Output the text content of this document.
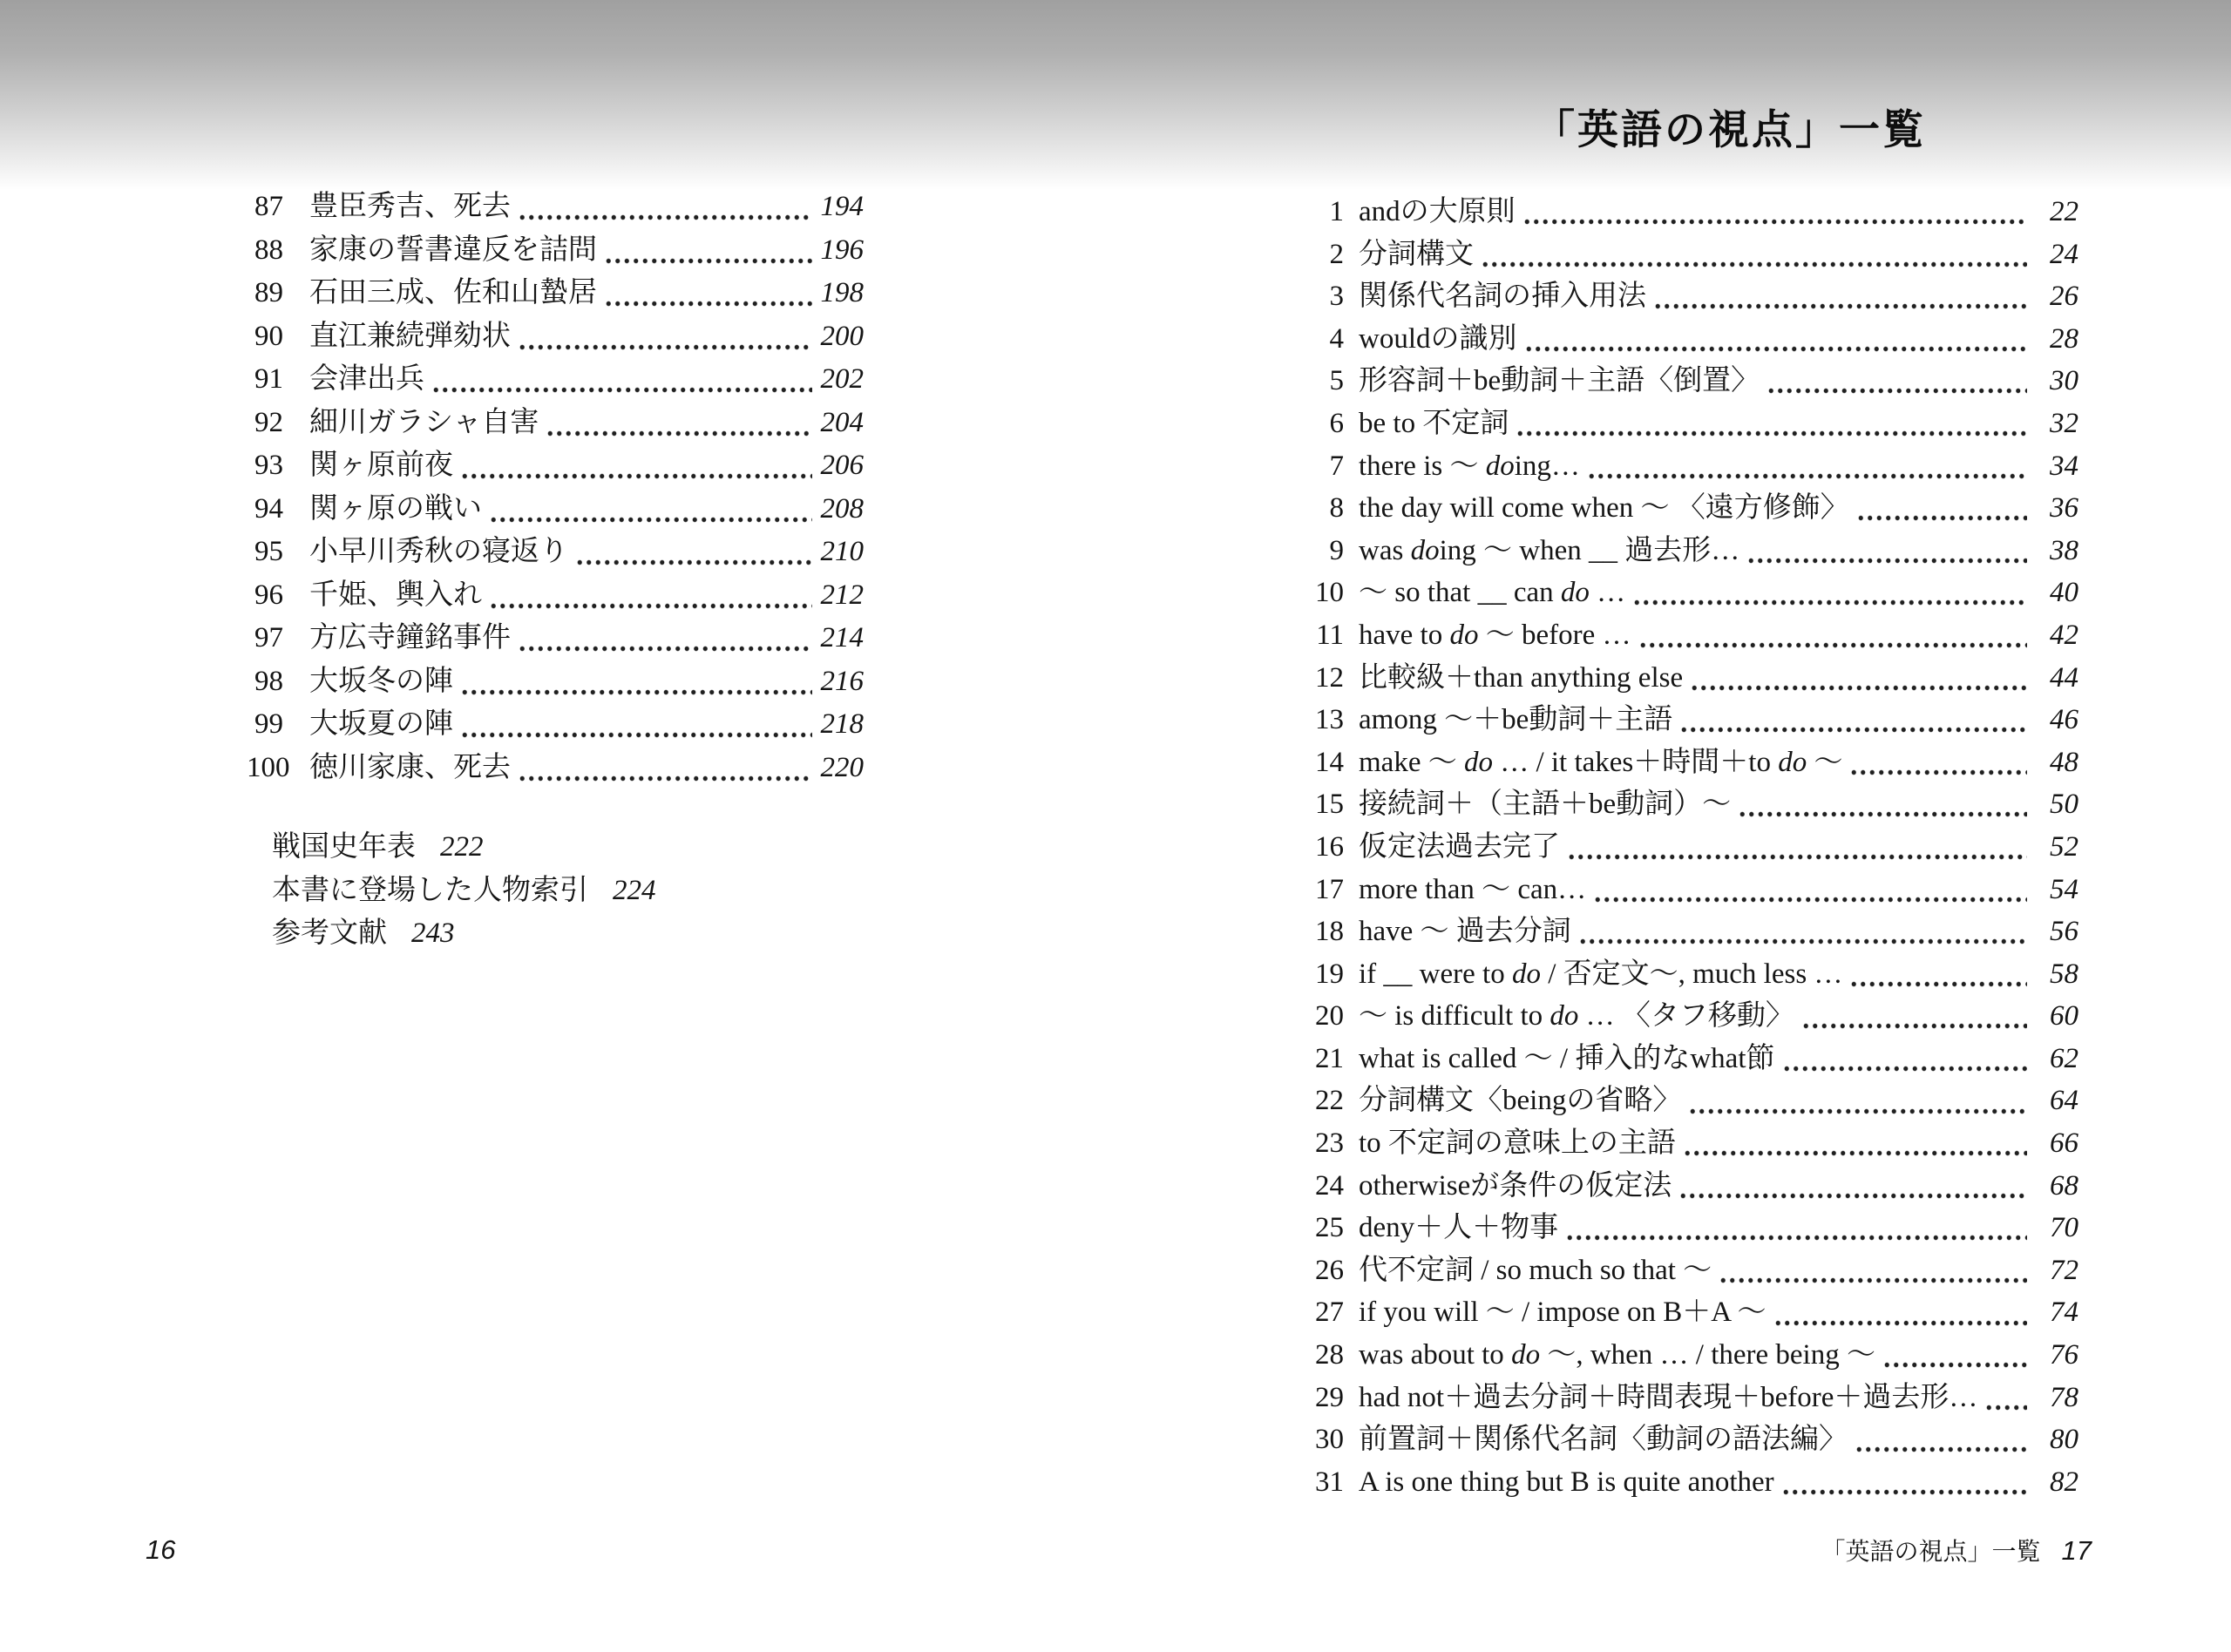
「英語の視点」一覧
87 豊臣秀吉、死去	194
88 家康の誓書違反を詰問	196
89 石田三成、佐和山蟄居	198
90 直江兼続弾劾状	200
91 会津出兵	202
92 細川ガラシャ自害	204
93 関ヶ原前夜	206
94 関ヶ原の戦い	208
95 小早川秀秋の寝返り	210
96 千姫、輿入れ	212
97 方広寺鐘銘事件	214
98 大坂冬の陣	216
99 大坂夏の陣	218
100 徳川家康、死去	220
戦国史年表 222
本書に登場した人物索引 224
参考文献 243
1 andの大原則	22
2 分詞構文	24
3 関係代名詞の挿入用法	26
4 wouldの識別	28
5 形容詞＋be動詞＋主語〈倒置〉	30
6 be to 不定詞	32
7 there is ～ doing…	34
8 the day will come when ～ 〈遠方修飾〉	36
9 was doing ～ when __ 過去形…	38
10 ～ so that __ can do …	40
11 have to do ～ before …	42
12 比較級＋than anything else	44
13 among ～＋be動詞＋主語	46
14 make ～ do … / it takes＋時間＋to do ～	48
15 接続詞＋（主語＋be動詞）～	50
16 仮定法過去完了	52
17 more than ～ can…	54
18 have ～ 過去分詞	56
19 if __ were to do / 否定文～, much less …	58
20 ～ is difficult to do … 〈タフ移動〉	60
21 what is called ～ / 挿入的なwhat節	62
22 分詞構文〈beingの省略〉	64
23 to 不定詞の意味上の主語	66
24 otherwiseが条件の仮定法	68
25 deny＋人＋物事	70
26 代不定詞 / so much so that ～	72
27 if you will ～ / impose on B＋A ～	74
28 was about to do ～, when … / there being ～	76
29 had not＋過去分詞＋時間表現＋before＋過去形…	78
30 前置詞＋関係代名詞〈動詞の語法編〉	80
31 A is one thing but B is quite another	82
16	「英語の視点」一覧 17
